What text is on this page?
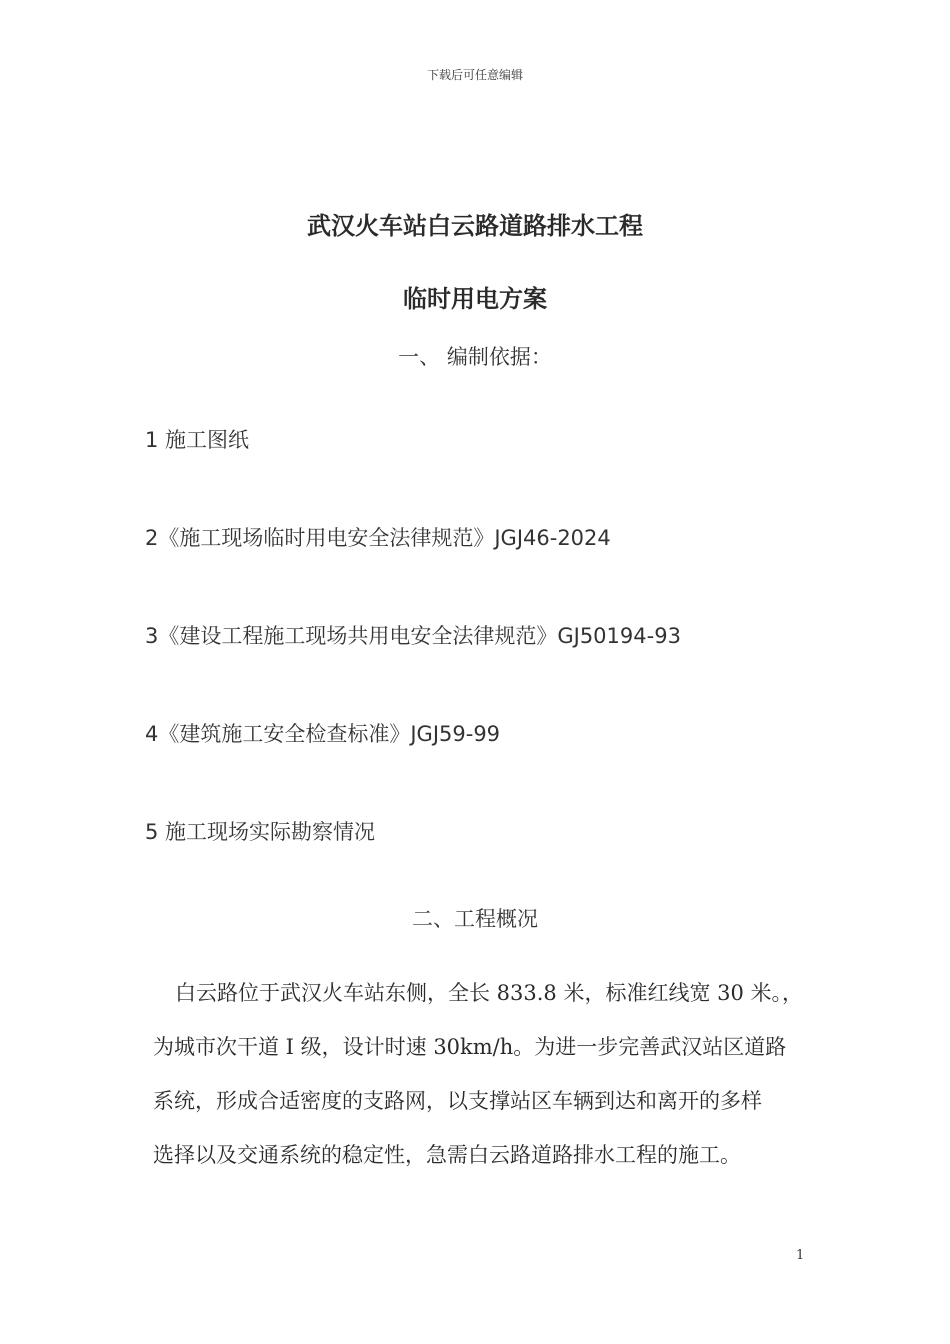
下载后可任意编辑
武汉火车站白云路道路排水工程
临时用电方案
一、 编制依据：
1 施工图纸
2《施工现场临时用电安全法律规范》JGJ46-2024
3《建设工程施工现场共用电安全法律规范》GJ50194-93
4《建筑施工安全检查标准》JGJ59-99
5 施工现场实际勘察情况
二、工程概况
白云路位于武汉火车站东侧，全长 833.8 米，标准红线宽 30 米。，
为城市次干道 I 级，设计时速 30km/h。为进一步完善武汉站区道路
系统，形成合适密度的支路网，以支撑站区车辆到达和离开的多样
选择以及交通系统的稳定性，急需白云路道路排水工程的施工。
1
